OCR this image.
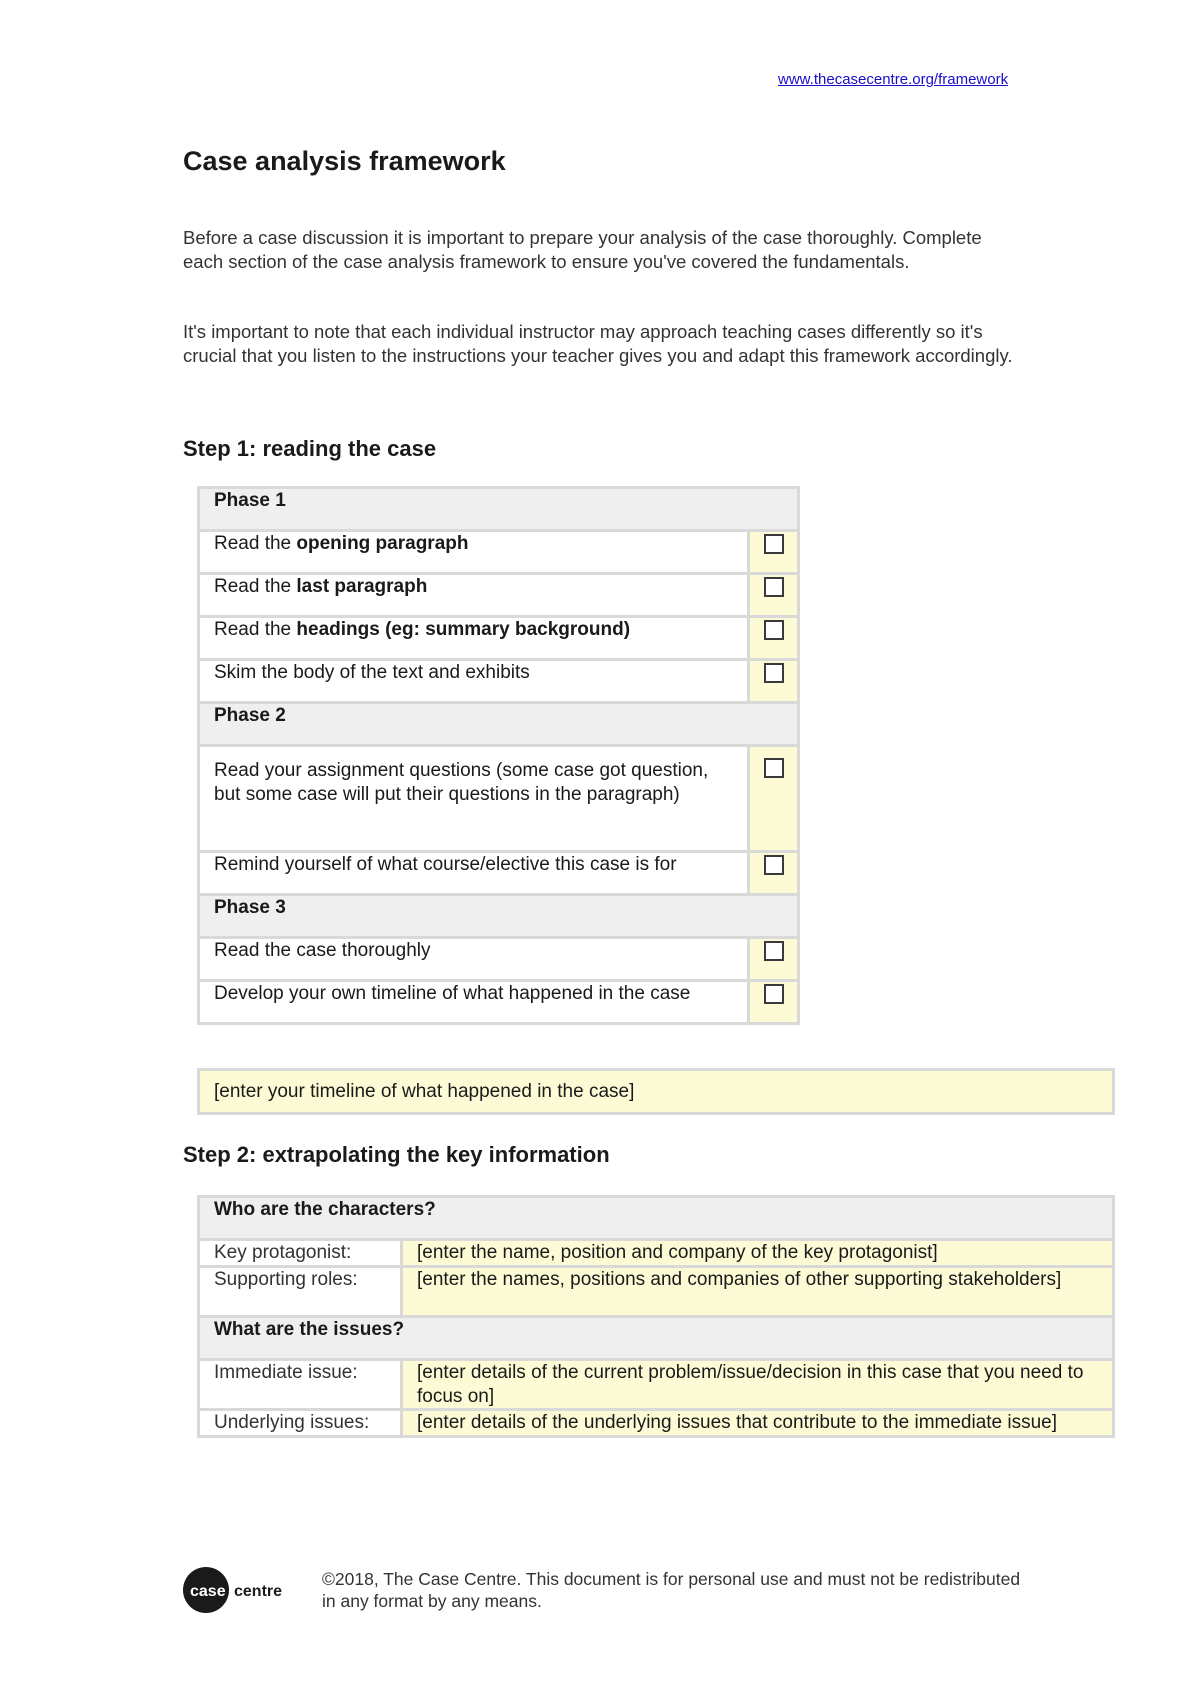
www.thecasecentre.org/framework
Case analysis framework

Before a case discussion it is important to prepare your analysis of the case thoroughly. Complete each section of the case analysis framework to ensure you've covered the fundamentals.

It's important to note that each individual instructor may approach teaching cases differently so it's crucial that you listen to the instructions your teacher gives you and adapt this framework accordingly.

Step 1: reading the case
Phase 1	
Read the opening paragraph	
Read the last paragraph	
Read the headings (eg: summary background)	
Skim the body of the text and exhibits	
Phase 2	
Read your assignment questions (some case got question, but some case will put their questions in the paragraph)	
Remind yourself of what course/elective this case is for	
Phase 3	
Read the case thoroughly	
Develop your own timeline of what happened in the case	
[enter your timeline of what happened in the case]
Step 2: extrapolating the key information
Who are the characters?	
Key protagonist:	[enter the name, position and company of the key protagonist]
Supporting roles:	[enter the names, positions and companies of other supporting stakeholders]
What are the issues?	
Immediate issue:	[enter details of the current problem/issue/decision in this case that you need to focus on]
Underlying issues:	[enter details of the underlying issues that contribute to the immediate issue]
case centre

©2018, The Case Centre. This document is for personal use and must not be redistributed in any format by any means.
